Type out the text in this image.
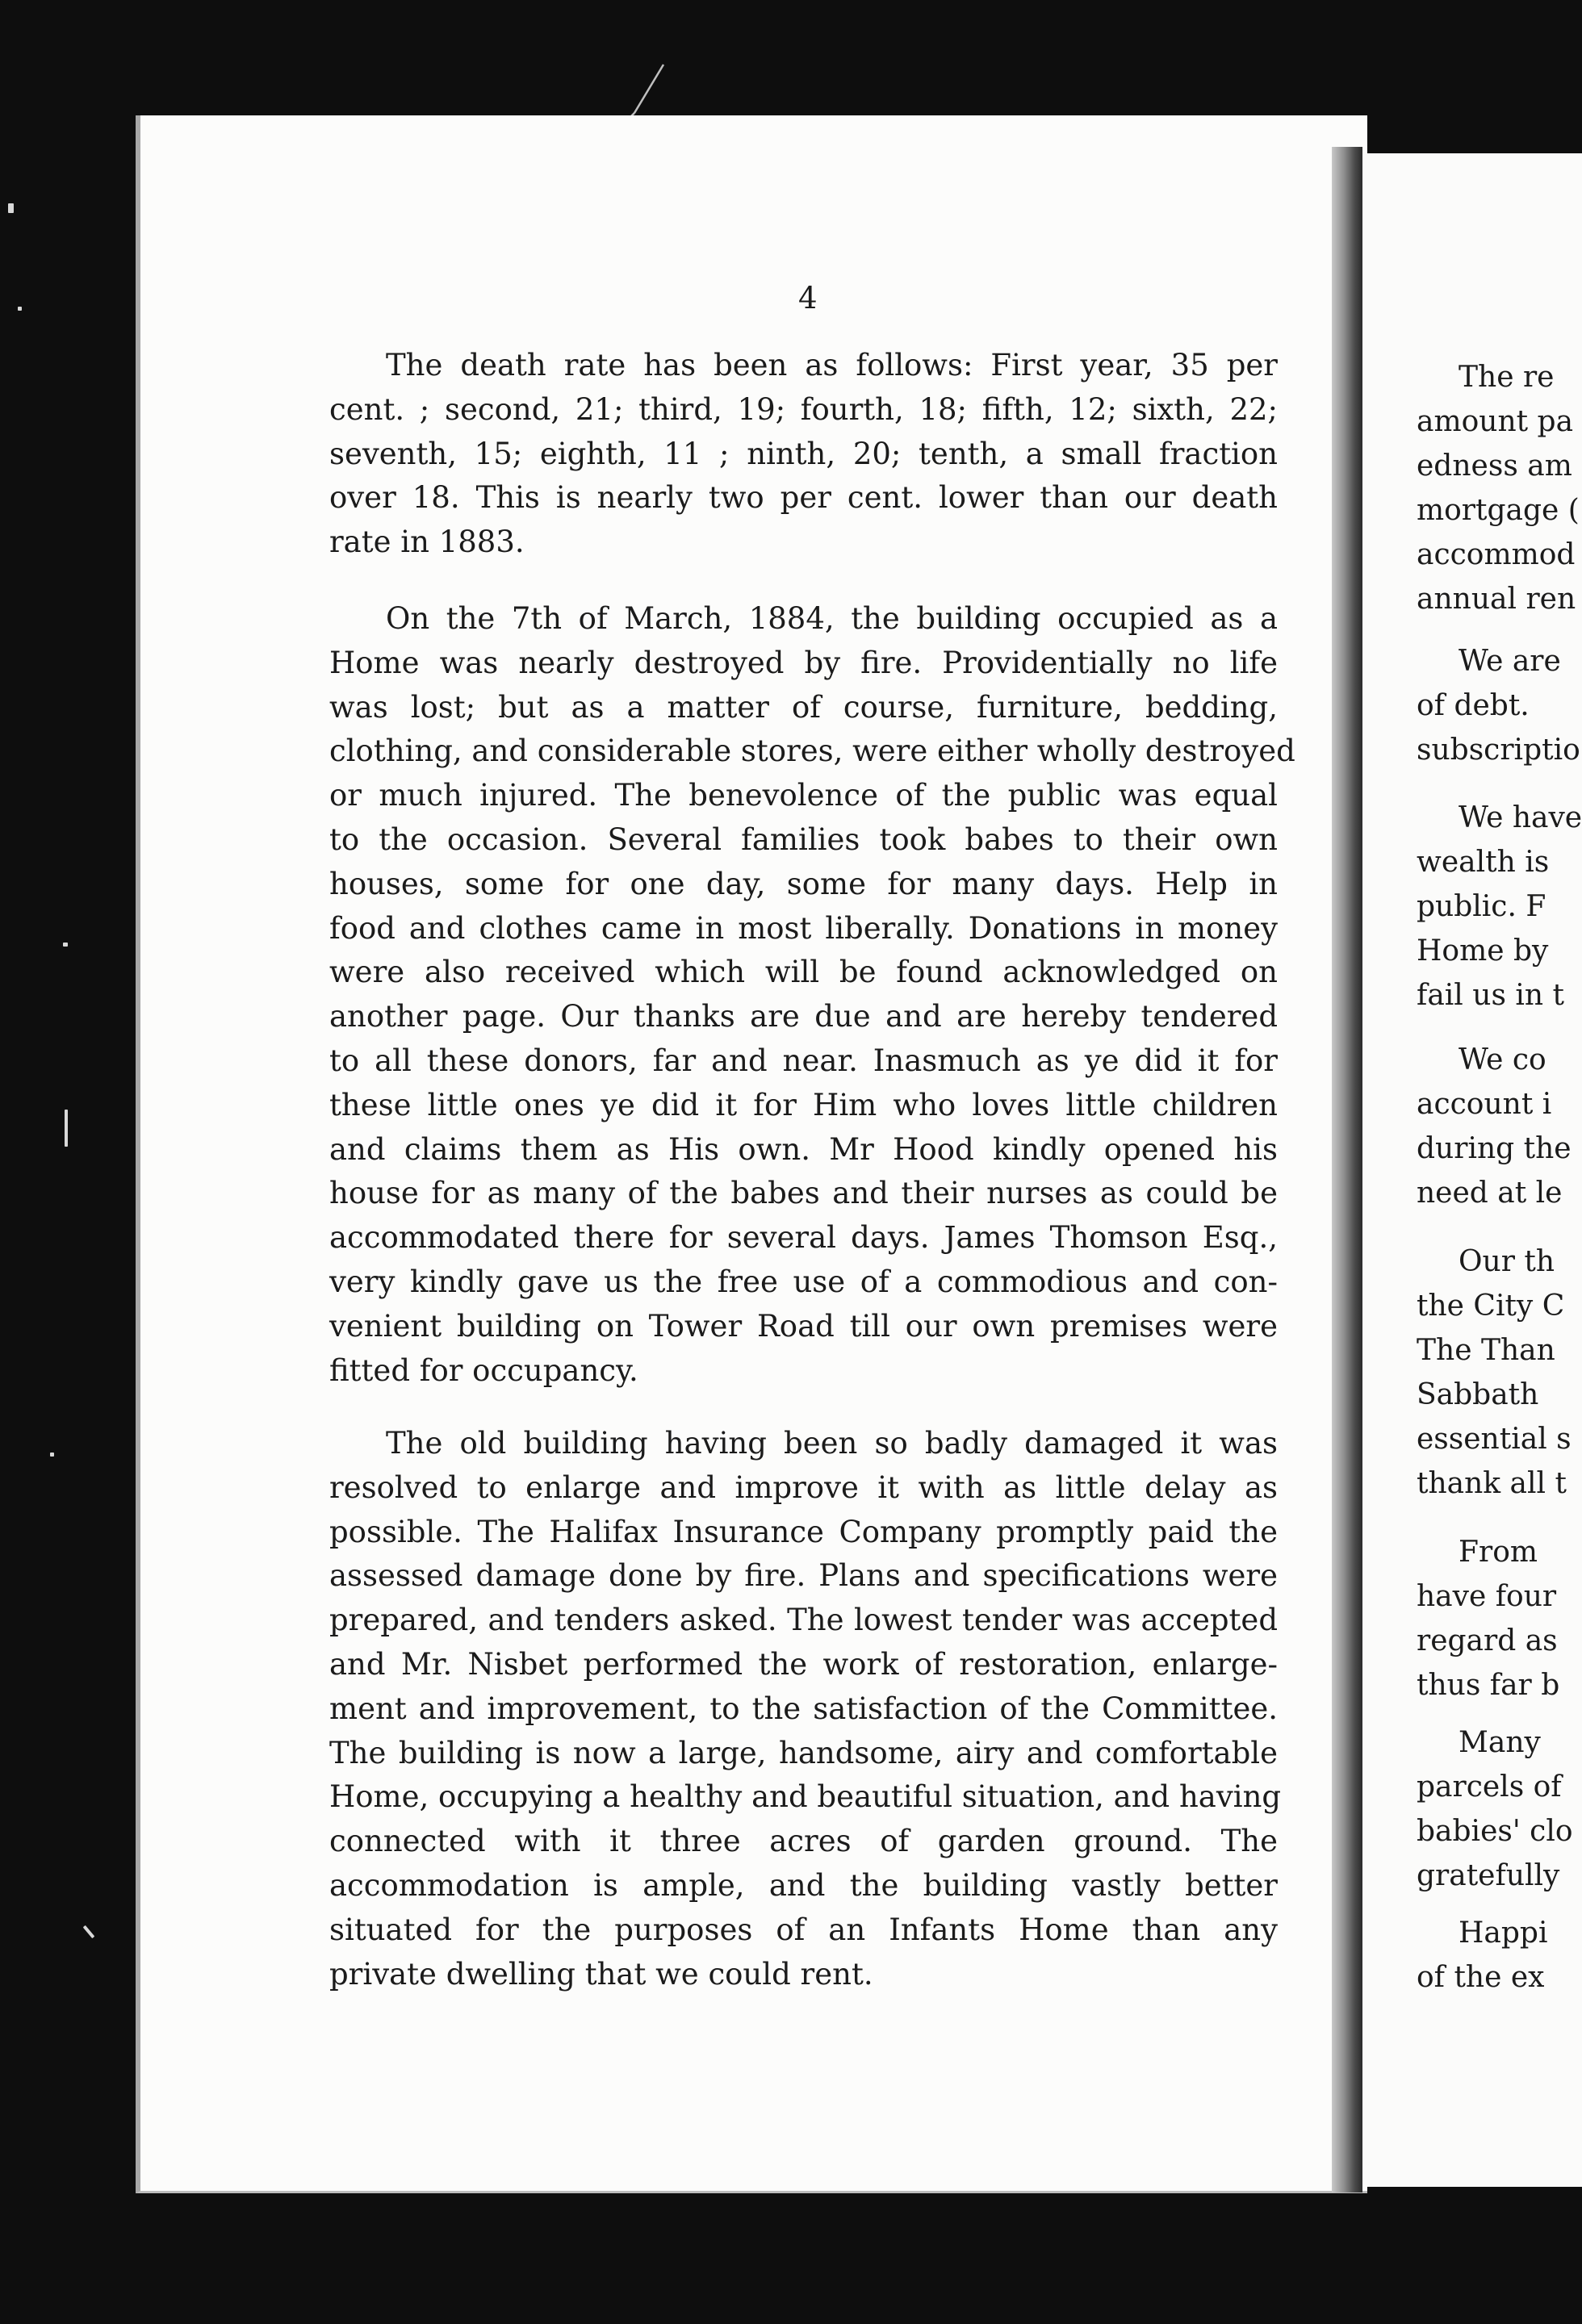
4
The death rate has been as follows: First year, 35 per
cent. ; second, 21; third, 19; fourth, 18; fifth, 12; sixth, 22;
seventh, 15; eighth, 11 ; ninth, 20; tenth, a small fraction
over 18. This is nearly two per cent. lower than our death
rate in 1883.
On the 7th of March, 1884, the building occupied as a
Home was nearly destroyed by fire. Providentially no life
was lost; but as a matter of course, furniture, bedding,
clothing, and considerable stores, were either wholly destroyed
or much injured. The benevolence of the public was equal
to the occasion. Several families took babes to their own
houses, some for one day, some for many days. Help in
food and clothes came in most liberally. Donations in money
were also received which will be found acknowledged on
another page. Our thanks are due and are hereby tendered
to all these donors, far and near. Inasmuch as ye did it for
these little ones ye did it for Him who loves little children
and claims them as His own. Mr Hood kindly opened his
house for as many of the babes and their nurses as could be
accommodated there for several days. James Thomson Esq.,
very kindly gave us the free use of a commodious and con-
venient building on Tower Road till our own premises were
fitted for occupancy.
The old building having been so badly damaged it was
resolved to enlarge and improve it with as little delay as
possible. The Halifax Insurance Company promptly paid the
assessed damage done by fire. Plans and specifications were
prepared, and tenders asked. The lowest tender was accepted
and Mr. Nisbet performed the work of restoration, enlarge-
ment and improvement, to the satisfaction of the Committee.
The building is now a large, handsome, airy and comfortable
Home, occupying a healthy and beautiful situation, and having
connected with it three acres of garden ground. The
accommodation is ample, and the building vastly better
situated for the purposes of an Infants Home than any
private dwelling that we could rent.
The re
amount pa
edness am
mortgage (
accommod
annual ren
We are
of debt.
subscriptio
We have
wealth is
public. F
Home by
fail us in t
We co
account i
during the
need at le
Our th
the City C
The Than
Sabbath
essential s
thank all t
From
have four
regard as
thus far b
Many
parcels of
babies' clo
gratefully
Happi
of the ex
